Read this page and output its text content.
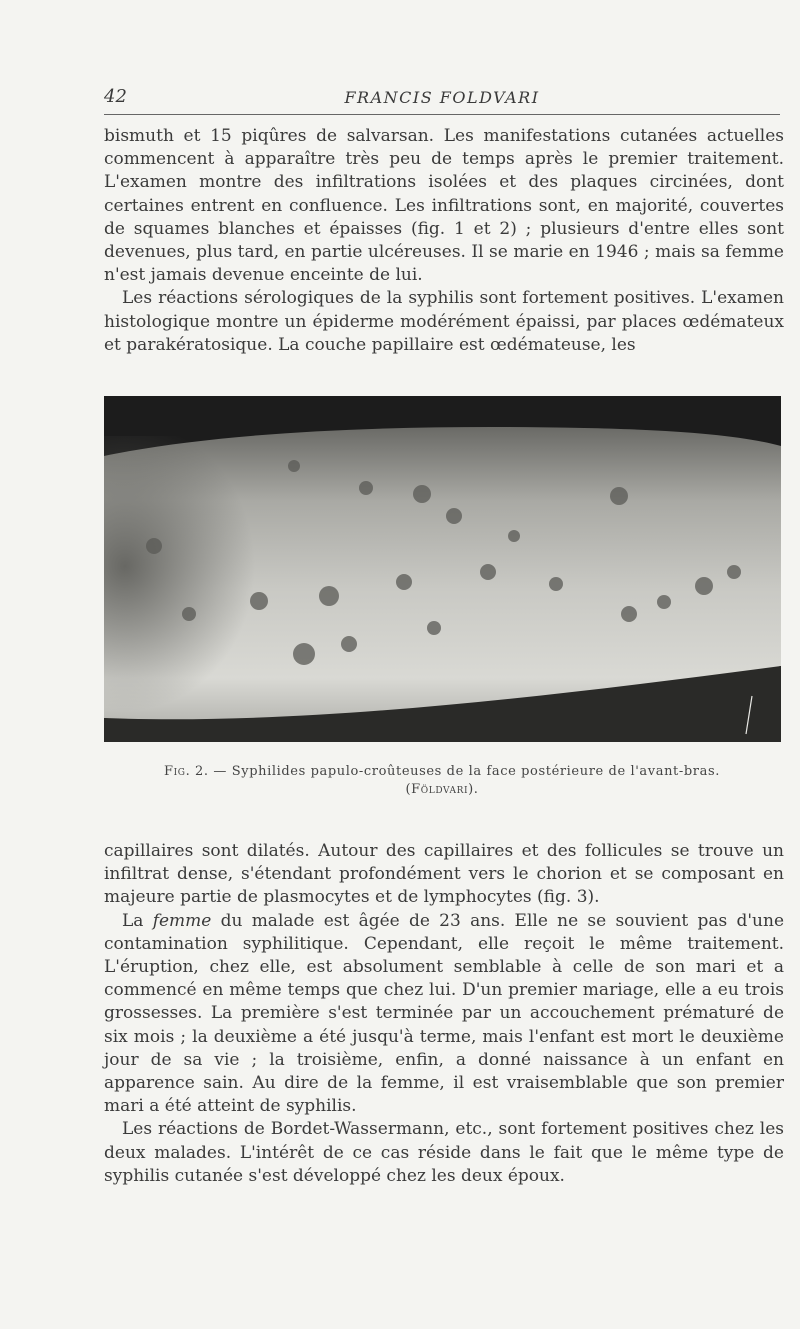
42	FRANCIS FOLDVARI

bismuth et 15 piqûres de salvarsan. Les manifestations cutanées actuelles commencent à apparaître très peu de temps après le premier traitement. L'examen montre des infiltrations isolées et des plaques circinées, dont certaines entrent en confluence. Les infiltrations sont, en majorité, couvertes de squames blanches et épaisses (fig. 1 et 2) ; plusieurs d'entre elles sont devenues, plus tard, en partie ulcéreuses. Il se marie en 1946 ; mais sa femme n'est jamais devenue enceinte de lui.

Les réactions sérologiques de la syphilis sont fortement positives. L'examen histologique montre un épiderme modérément épaissi, par places œdémateux et parakératosique. La couche papillaire est œdémateuse, les

Fig. 2. — Syphilides papulo-croûteuses de la face postérieure de l'avant-bras.
(Földvari).

capillaires sont dilatés. Autour des capillaires et des follicules se trouve un infiltrat dense, s'étendant profondément vers le chorion et se composant en majeure partie de plasmocytes et de lymphocytes (fig. 3).

La femme du malade est âgée de 23 ans. Elle ne se souvient pas d'une contamination syphilitique. Cependant, elle reçoit le même traitement. L'éruption, chez elle, est absolument semblable à celle de son mari et a commencé en même temps que chez lui. D'un premier mariage, elle a eu trois grossesses. La première s'est terminée par un accouchement prématuré de six mois ; la deuxième a été jusqu'à terme, mais l'enfant est mort le deuxième jour de sa vie ; la troisième, enfin, a donné naissance à un enfant en apparence sain. Au dire de la femme, il est vraisemblable que son premier mari a été atteint de syphilis.

Les réactions de Bordet-Wassermann, etc., sont fortement positives chez les deux malades. L'intérêt de ce cas réside dans le fait que le même type de syphilis cutanée s'est développé chez les deux époux.
